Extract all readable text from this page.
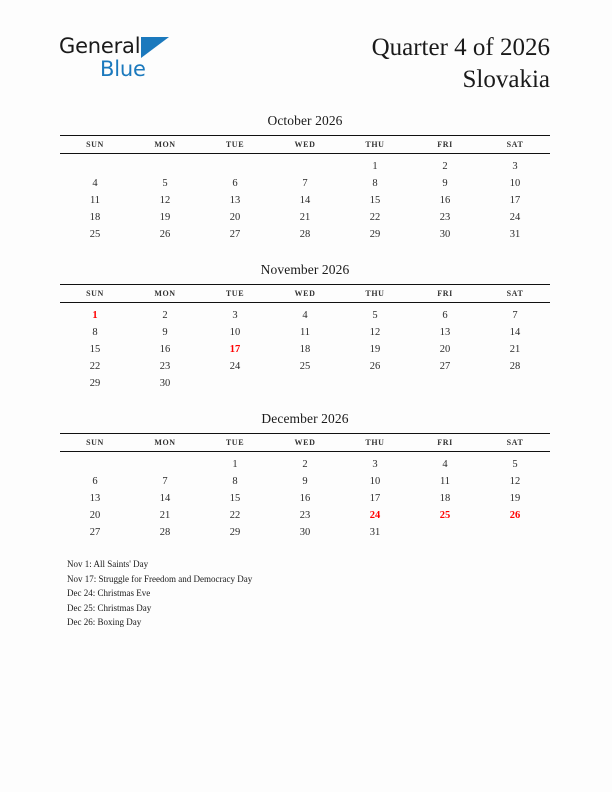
General
Blue
Quarter 4 of 2026
Slovakia
October 2026
SUN	MON	TUE	WED	THU	FRI	SAT
				1	2	3
4	5	6	7	8	9	10
11	12	13	14	15	16	17
18	19	20	21	22	23	24
25	26	27	28	29	30	31
November 2026
SUN	MON	TUE	WED	THU	FRI	SAT
1	2	3	4	5	6	7
8	9	10	11	12	13	14
15	16	17	18	19	20	21
22	23	24	25	26	27	28
29	30					
December 2026
SUN	MON	TUE	WED	THU	FRI	SAT
		1	2	3	4	5
6	7	8	9	10	11	12
13	14	15	16	17	18	19
20	21	22	23	24	25	26
27	28	29	30	31		
Nov 1: All Saints' Day
Nov 17: Struggle for Freedom and Democracy Day
Dec 24: Christmas Eve
Dec 25: Christmas Day
Dec 26: Boxing Day
